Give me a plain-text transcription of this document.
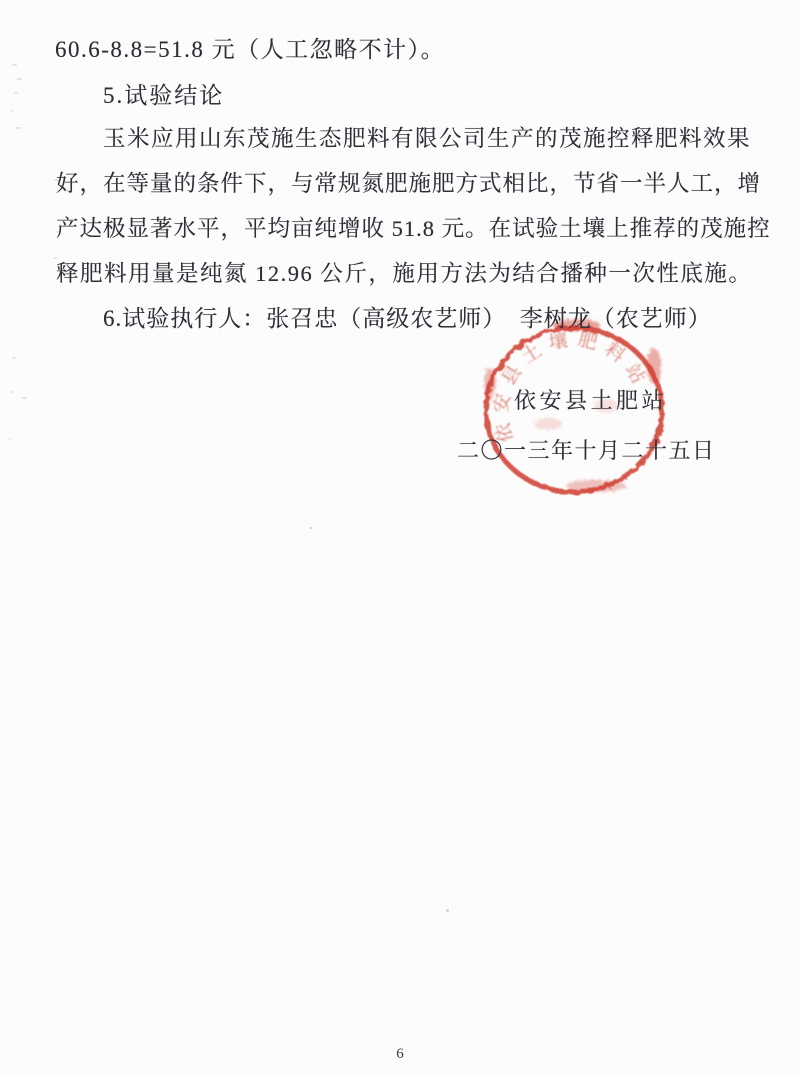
依安县土壤肥料站
60.6-8.8=51.8 元（人工忽略不计）。
5.试验结论
玉米应用山东茂施生态肥料有限公司生产的茂施控释肥料效果
好，在等量的条件下，与常规氮肥施肥方式相比，节省一半人工，增
产达极显著水平，平均亩纯增收 51.8 元。在试验土壤上推荐的茂施控
释肥料用量是纯氮 12.96 公斤，施用方法为结合播种一次性底施。
6.试验执行人：张召忠（高级农艺师）  李树龙（农艺师）
依安县土肥站
二〇一三年十月二十五日
6
